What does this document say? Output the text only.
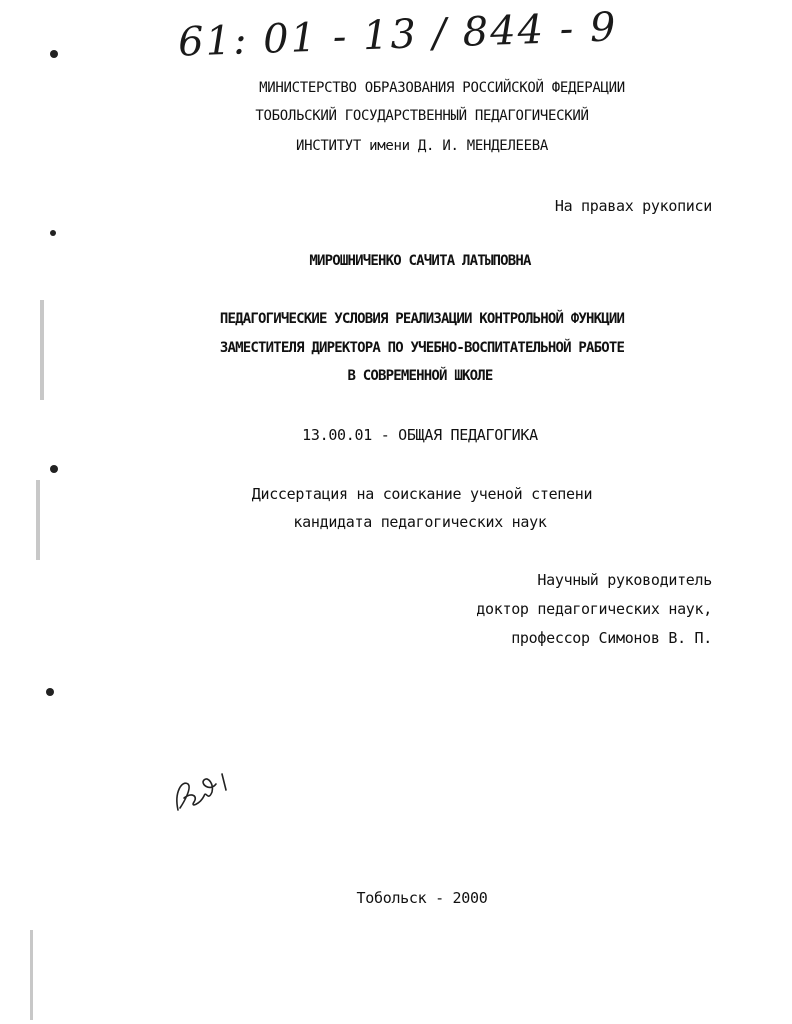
61: 01 - 13 / 844 - 9
МИНИСТЕРСТВО ОБРАЗОВАНИЯ РОССИЙСКОЙ ФЕДЕРАЦИИ
ТОБОЛЬСКИЙ ГОСУДАРСТВЕННЫЙ ПЕДАГОГИЧЕСКИЙ
ИНСТИТУТ имени Д. И. МЕНДЕЛЕЕВА
На правах рукописи
МИРОШНИЧЕНКО САЧИТА ЛАТЫПОВНА
ПЕДАГОГИЧЕСКИЕ УСЛОВИЯ РЕАЛИЗАЦИИ КОНТРОЛЬНОЙ ФУНКЦИИ
ЗАМЕСТИТЕЛЯ ДИРЕКТОРА ПО УЧЕБНО-ВОСПИТАТЕЛЬНОЙ РАБОТЕ
В СОВРЕМЕННОЙ ШКОЛЕ
13.00.01 - ОБЩАЯ ПЕДАГОГИКА
Диссертация на соискание ученой степени
кандидата педагогических наук
Научный руководитель
доктор педагогических наук,
профессор Симонов В. П.
Тобольск - 2000
